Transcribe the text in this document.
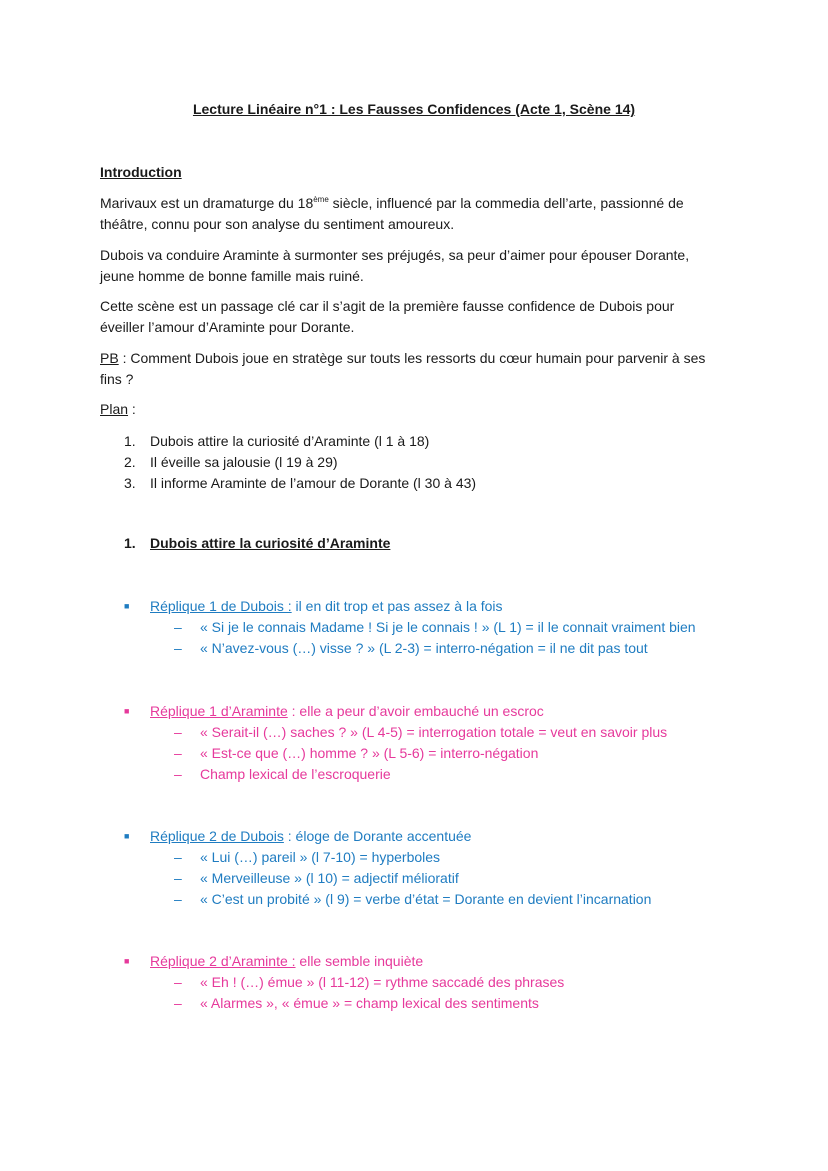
Lecture Linéaire n°1 : Les Fausses Confidences (Acte 1, Scène 14)
Introduction

Marivaux est un dramaturge du 18ème siècle, influencé par la commedia dell’arte, passionné de théâtre, connu pour son analyse du sentiment amoureux.

Dubois va conduire Araminte à surmonter ses préjugés, sa peur d’aimer pour épouser Dorante, jeune homme de bonne famille mais ruiné.

Cette scène est un passage clé car il s’agit de la première fausse confidence de Dubois pour éveiller l’amour d’Araminte pour Dorante.

PB : Comment Dubois joue en stratège sur touts les ressorts du cœur humain pour parvenir à ses fins ?

Plan :

1. Dubois attire la curiosité d’Araminte (l 1 à 18)
2. Il éveille sa jalousie (l 19 à 29)
3. Il informe Araminte de l’amour de Dorante (l 30 à 43)
1. Dubois attire la curiosité d’Araminte
■ Réplique 1 de Dubois : il en dit trop et pas assez à la fois
– « Si je le connais Madame ! Si je le connais ! » (L 1) = il le connait vraiment bien
– « N’avez-vous (…) visse ? » (L 2-3) = interro-négation = il ne dit pas tout
■ Réplique 1 d’Araminte : elle a peur d’avoir embauché un escroc
– « Serait-il (…) saches ? » (L 4-5) = interrogation totale = veut en savoir plus
– « Est-ce que (…) homme ? » (L 5-6) = interro-négation
– Champ lexical de l’escroquerie
■ Réplique 2 de Dubois : éloge de Dorante accentuée
– « Lui (…) pareil » (l 7-10) = hyperboles
– « Merveilleuse » (l 10) = adjectif mélioratif
– « C’est un probité » (l 9) = verbe d’état = Dorante en devient l’incarnation
■ Réplique 2 d’Araminte : elle semble inquiète
– « Eh ! (…) émue » (l 11-12) = rythme saccadé des phrases
– « Alarmes », « émue » = champ lexical des sentiments
